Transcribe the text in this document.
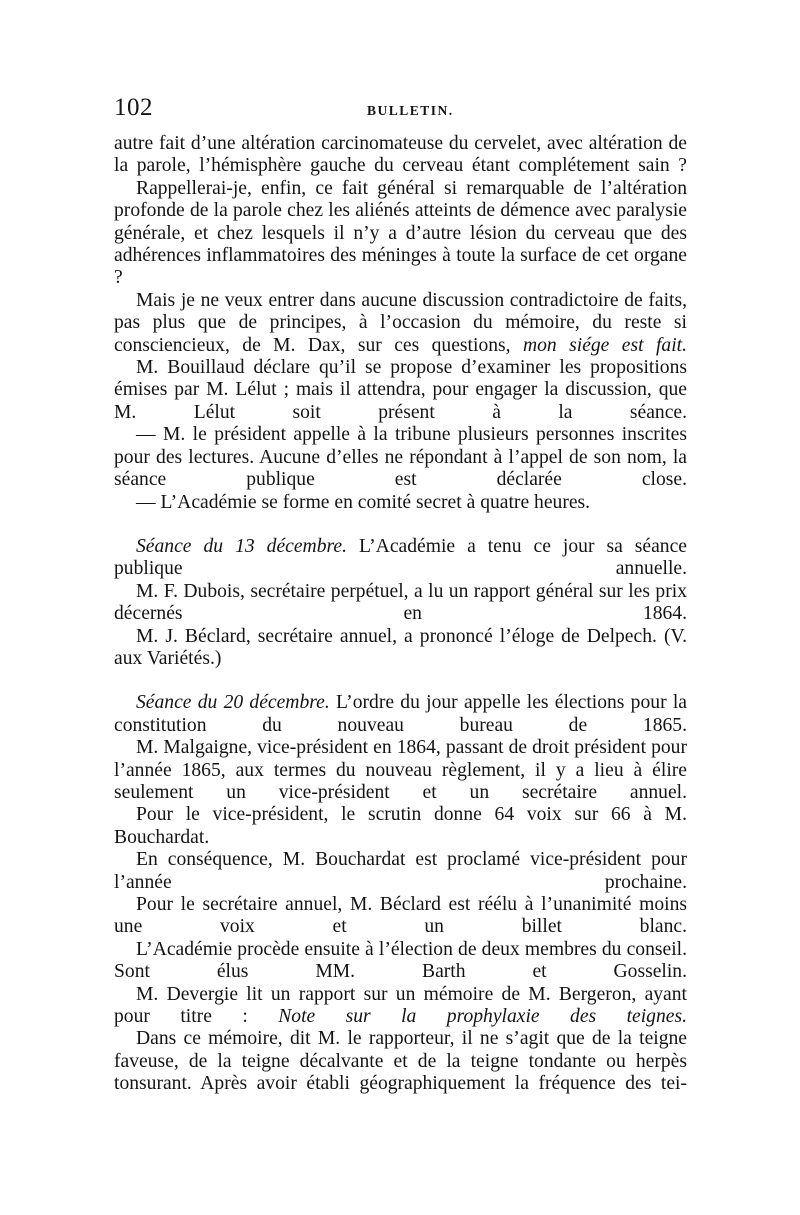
102	BULLETIN.

autre fait d’une altération carcinomateuse du cervelet, avec altération de la parole, l’hémisphère gauche du cerveau étant complétement sain ?

Rappellerai-je, enfin, ce fait général si remarquable de l’altération profonde de la parole chez les aliénés atteints de démence avec paralysie générale, et chez lesquels il n’y a d’autre lésion du cerveau que des adhérences inflammatoires des méninges à toute la surface de cet organe ?

Mais je ne veux entrer dans aucune discussion contradictoire de faits, pas plus que de principes, à l’occasion du mémoire, du reste si consciencieux, de M. Dax, sur ces questions, mon siége est fait.

M. Bouillaud déclare qu’il se propose d’examiner les propositions émises par M. Lélut ; mais il attendra, pour engager la discussion, que M. Lélut soit présent à la séance.

— M. le président appelle à la tribune plusieurs personnes inscrites pour des lectures. Aucune d’elles ne répondant à l’appel de son nom, la séance publique est déclarée close.

— L’Académie se forme en comité secret à quatre heures.

Séance du 13 décembre. L’Académie a tenu ce jour sa séance publique annuelle.

M. F. Dubois, secrétaire perpétuel, a lu un rapport général sur les prix décernés en 1864.

M. J. Béclard, secrétaire annuel, a prononcé l’éloge de Delpech. (V. aux Variétés.)

Séance du 20 décembre. L’ordre du jour appelle les élections pour la constitution du nouveau bureau de 1865.

M. Malgaigne, vice-président en 1864, passant de droit président pour l’année 1865, aux termes du nouveau règlement, il y a lieu à élire seulement un vice-président et un secrétaire annuel.

Pour le vice-président, le scrutin donne 64 voix sur 66 à M. Bouchardat.

En conséquence, M. Bouchardat est proclamé vice-président pour l’année prochaine.

Pour le secrétaire annuel, M. Béclard est réélu à l’unanimité moins une voix et un billet blanc.

L’Académie procède ensuite à l’élection de deux membres du conseil. Sont élus MM. Barth et Gosselin.

M. Devergie lit un rapport sur un mémoire de M. Bergeron, ayant pour titre : Note sur la prophylaxie des teignes.

Dans ce mémoire, dit M. le rapporteur, il ne s’agit que de la teigne faveuse, de la teigne décalvante et de la teigne tondante ou herpès tonsurant. Après avoir établi géographiquement la fréquence des tei-
